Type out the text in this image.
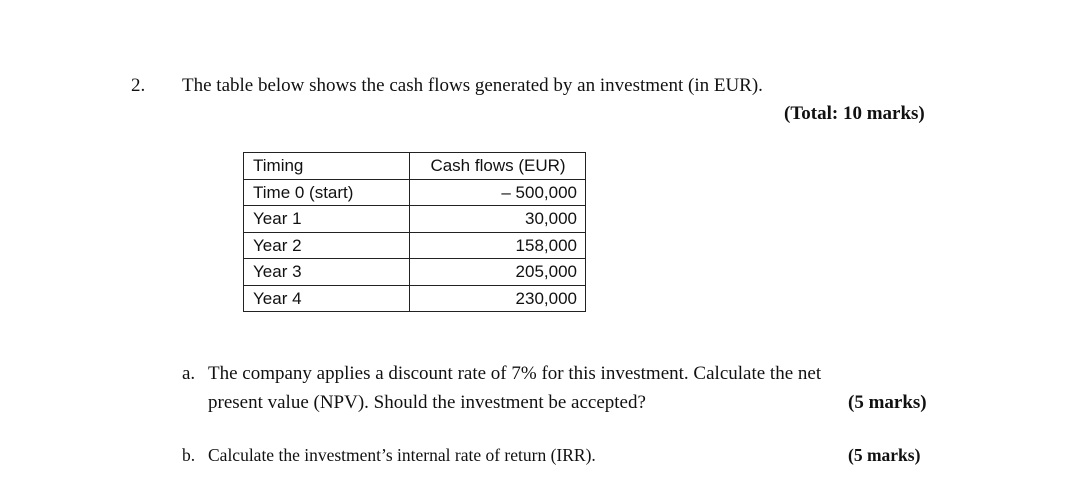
2. The table below shows the cash flows generated by an investment (in EUR).
(Total: 10 marks)
Timing	Cash flows (EUR)
Time 0 (start)	– 500,000
Year 1	30,000
Year 2	158,000
Year 3	205,000
Year 4	230,000
a. The company applies a discount rate of 7% for this investment. Calculate the net
present value (NPV). Should the investment be accepted?	(5 marks)
b. Calculate the investment’s internal rate of return (IRR).	(5 marks)
